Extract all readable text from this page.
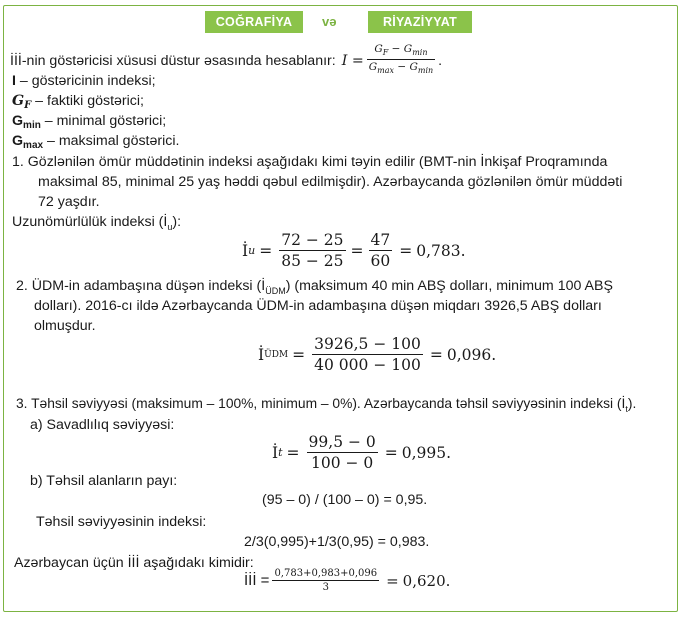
COĞRAFİYA	və	RİYAZİYYAT
İİİ-nin göstəricisi xüsusi düstur əsasında hesablanır: $I = \frac{G_F - G_{min}}{G_{max} - G_{min}}$ .
I – göstəricinin indeksi;
$G_F$ – faktiki göstərici;
$G_{min}$ – minimal göstərici;
$G_{max}$ – maksimal göstərici.
1. Gözlənilən ömür müddətinin indeksi aşağıdakı kimi təyin edilir (BMT-nin İnkişaf Proqramında
maksimal 85, minimal 25 yaş həddi qəbul edilmişdir). Azərbaycanda gözlənilən ömür müddəti
72 yaşdır.
Uzunömürlülük indeksi $(İ_u)$:
İ $u = \frac{72 - 25}{85 - 25} = \frac{47}{60} = 0,783$.
2. ÜDM-in adambaşına düşən indeksi $(İ_{ÜDM})$ (maksimum 40 min ABŞ dolları, minimum 100 ABŞ
dolları). 2016-cı ildə Azərbaycanda ÜDM-in adambaşına düşən miqdarı 3926,5 ABŞ dolları
olmuşdur.
İ ÜDM = $\frac{3926,5 - 100}{40 000 - 100} = 0,096$.
3. Təhsil səviyyəsi (maksimum – 100%, minimum – 0%). Azərbaycanda təhsil səviyyəsinin indeksi $(İ_t)$.
a) Savadlılıq səviyyəsi:
İ $t = \frac{99,5 - 0}{100 - 0} = 0,995$.
b) Təhsil alanların payı:
(95 – 0) / (100 – 0) = 0,95.
Təhsil səviyyəsinin indeksi:
2/3(0,995)+1/3(0,95) = 0,983.
Azərbaycan üçün İİİ aşağıdakı kimidir:
İİİ = $\frac{0,783+0,983+0,096}{3} = 0,620$.
